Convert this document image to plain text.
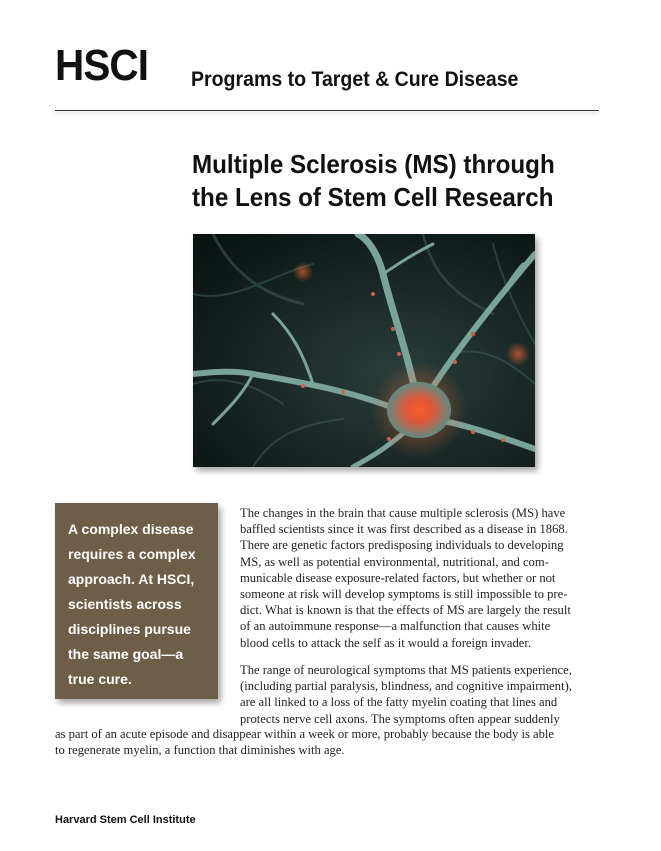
HSCI Programs to Target & Cure Disease
Multiple Sclerosis (MS) through
the Lens of Stem Cell Research

A complex disease requires a complex approach. At HSCI, scientists across disciplines pursue the same goal—a true cure.

The changes in the brain that cause multiple sclerosis (MS) have
baffled scientists since it was first described as a disease in 1868.
There are genetic factors predisposing individuals to developing
MS, as well as potential environmental, nutritional, and com-
municable disease exposure-related factors, but whether or not
someone at risk will develop symptoms is still impossible to pre-
dict. What is known is that the effects of MS are largely the result
of an autoimmune response—a malfunction that causes white
blood cells to attack the self as it would a foreign invader.
The range of neurological symptoms that MS patients experience,
(including partial paralysis, blindness, and cognitive impairment),
are all linked to a loss of the fatty myelin coating that lines and
protects nerve cell axons. The symptoms often appear suddenly
as part of an acute episode and disappear within a week or more, probably because the body is able
to regenerate myelin, a function that diminishes with age.
Harvard Stem Cell Institute
